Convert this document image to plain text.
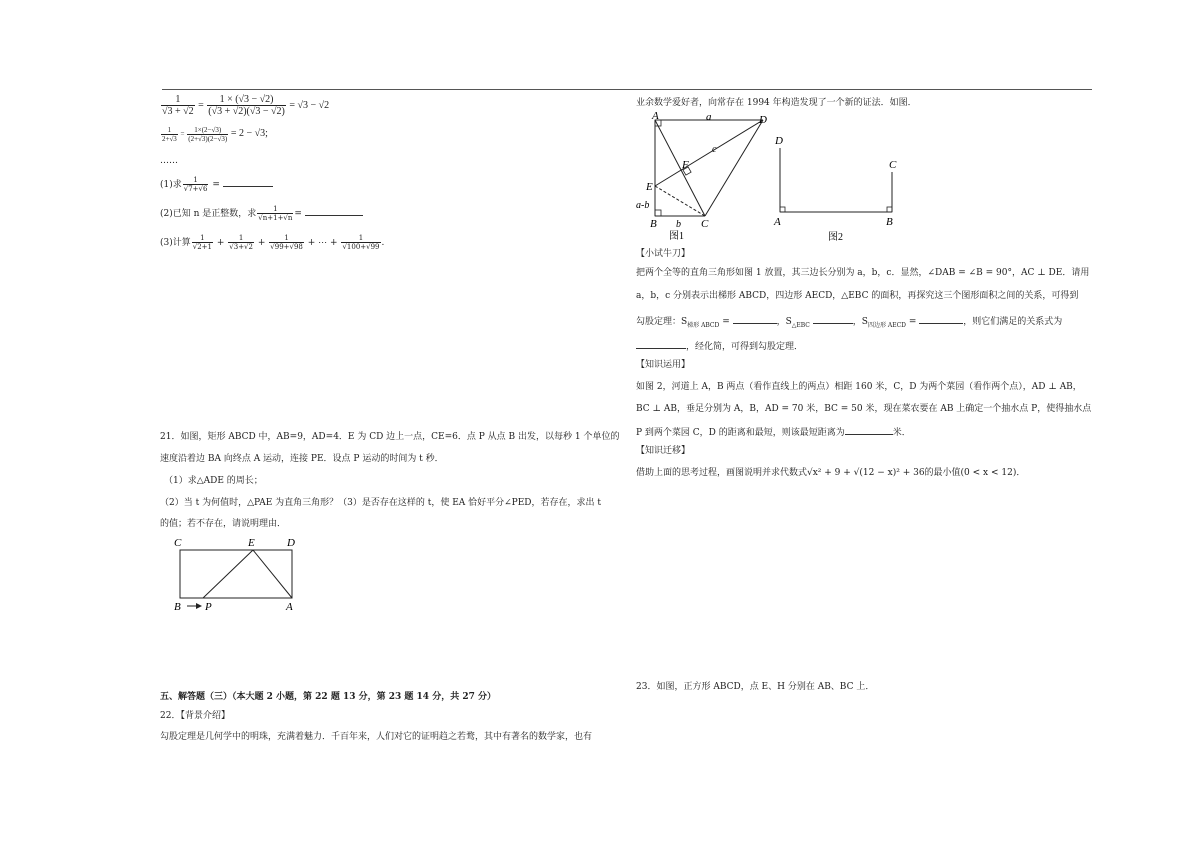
$\frac{1}{√3 + √2} = \frac{1 \times (√3 - √2)}{(√3 + √2)(√3 - √2)} = √3 - √2$
$\frac{1}{2+√3} = \frac{1\times(2-√3)}{(2+√3)(2-√3)} = 2 - √3$;
……
(1)求 $\frac{1}{√7+√6}$ =
(2)已知 n 是正整数，求 $\frac{1}{√n+1+√n}$ =
(3)计算 $\frac{1}{√2+1} + \frac{1}{√3+√2} + \frac{1}{√99+√98}$ + ⋯ + $\frac{1}{√100+√99}$ .
21．如图，矩形 ABCD 中，AB=9，AD=4．E 为 CD 边上一点，CE=6．点 P 从点 B 出发，以每秒 1 个单位的
速度沿着边 BA 向终点 A 运动，连接 PE．设点 P 运动的时间为 t 秒．
（1）求△ADE 的周长；
（2）当 t 为何值时，△PAE 为直角三角形？（3）是否存在这样的 t，使 EA 恰好平分∠PED，若存在，求出 t
的值；若不存在，请说明理由．
C	E	D
B P	A
五、解答题（三）（本大题 2 小题，第 22 题 13 分，第 23 题 14 分，共 27 分）
22．【背景介绍】
勾股定理是几何学中的明珠，充满着魅力．千百年来，人们对它的证明趋之若鹜，其中有著名的数学家，也有
业余数学爱好者，向常存在 1994 年构造发现了一个新的证法．如图．
A	a	D
F
c
E
a-b
B b C
图1
D
C
A	B
图2
【小试牛刀】
把两个全等的直角三角形如图 1 放置，其三边长分别为 a，b，c．显然，∠DAB = ∠B = 90°，AC ⊥ DE．请用
a，b，c 分别表示出梯形 ABCD，四边形 AECD，△EBC 的面积，再探究这三个图形面积之间的关系，可得到
勾股定理：$S_{梯形 ABCD}$ =	，$S_{\triangle EBC}$	，$S_{四边形 AECD}$ =	，则它们满足的关系式为
，经化简，可得到勾股定理．
【知识运用】
如图 2，河道上 A，B 两点（看作直线上的两点）相距 160 米，C，D 为两个菜园（看作两个点），AD ⊥ AB，
BC ⊥ AB，垂足分别为 A，B，AD = 70 米，BC = 50 米，现在菜农要在 AB 上确定一个抽水点 P，使得抽水点
P 到两个菜园 C，D 的距离和最短，则该最短距离为	米．
【知识迁移】
借助上面的思考过程，画图说明并求代数式√x² + 9 + √(12 − x)² + 36的最小值(0 < x < 12)．
23．如图，正方形 ABCD，点 E、H 分别在 AB、BC 上．
